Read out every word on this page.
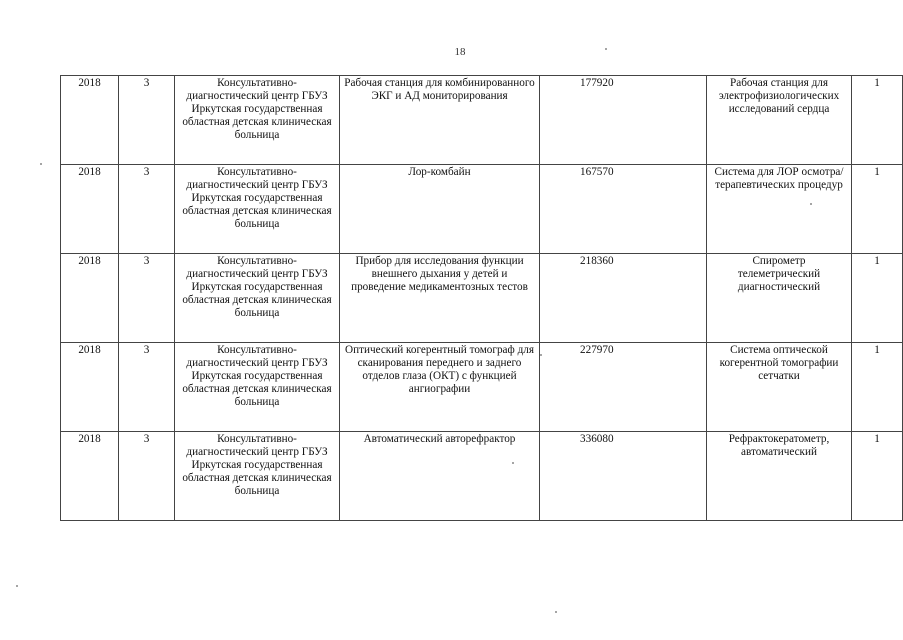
18
2018	3	Консультативно-диагностический центр ГБУЗ Иркутская государственная областная детская клиническая больница	Рабочая станция для комбинированного ЭКГ и АД мониторирования	177920	Рабочая станция для электрофизиологических исследований сердца	1
2018	3	Консультативно-диагностический центр ГБУЗ Иркутская государственная областная детская клиническая больница	Лор-комбайн	167570	Система для ЛОР осмотра/терапевтических процедур	1
2018	3	Консультативно-диагностический центр ГБУЗ Иркутская государственная областная детская клиническая больница	Прибор для исследования функции внешнего дыхания у детей и проведение медикаментозных тестов	218360	Спирометр телеметрический диагностический	1
2018	3	Консультативно-диагностический центр ГБУЗ Иркутская государственная областная детская клиническая больница	Оптический когерентный томограф для сканирования переднего и заднего отделов глаза (ОКТ) с функцией ангиографии	227970	Система оптической когерентной томографии сетчатки	1
2018	3	Консультативно-диагностический центр ГБУЗ Иркутская государственная областная детская клиническая больница	Автоматический авторефрактор	336080	Рефрактокератометр, автоматический	1
